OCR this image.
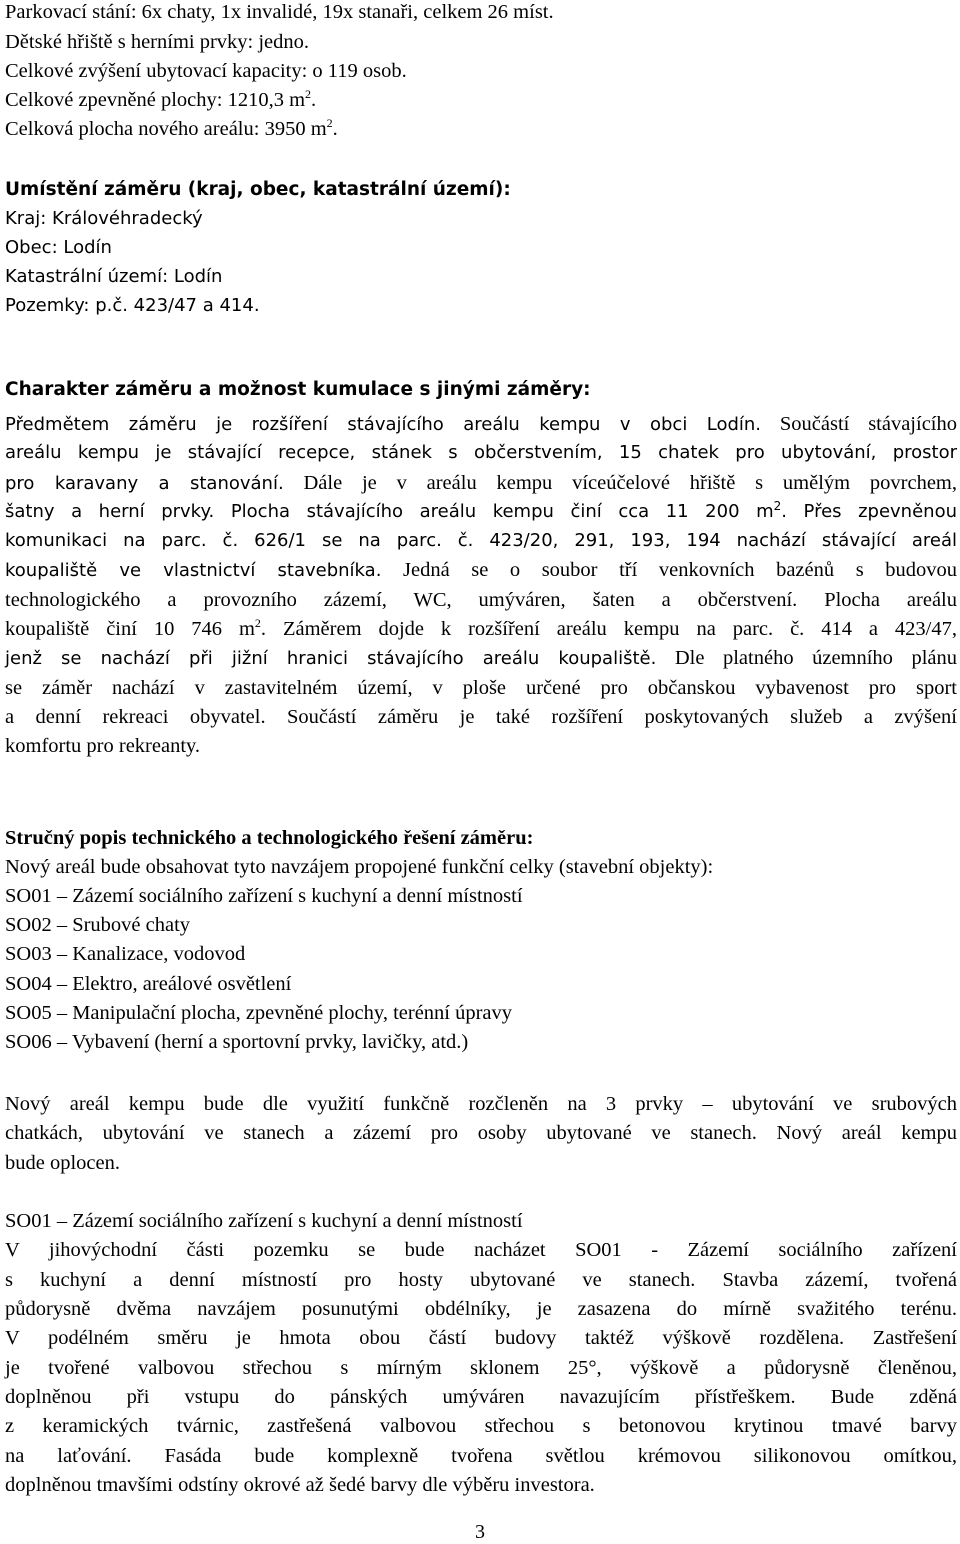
Parkovací stání: 6x chaty, 1x invalidé, 19x stanaři, celkem 26 míst.
Dětské hřiště s herními prvky: jedno.
Celkové zvýšení ubytovací kapacity: o 119 osob.
Celkové zpevněné plochy: 1210,3 $m^2$.
Celková plocha nového areálu: 3950 $m^2$.
Umístění záměru (kraj, obec, katastrální území):
Kraj: Královéhradecký
Obec: Lodín
Katastrální území: Lodín
Pozemky: p.č. 423/47 a 414.
Charakter záměru a možnost kumulace s jinými záměry:
Předmětem záměru je rozšíření stávajícího areálu kempu v obci Lodín. Součástí stávajícího
areálu kempu je stávající recepce, stánek s občerstvením, 15 chatek pro ubytování, prostor
pro karavany a stanování. Dále je v areálu kempu víceúčelové hřiště s umělým povrchem,
šatny a herní prvky. Plocha stávajícího areálu kempu činí cca 11 200 $m^2$. Přes zpevněnou
komunikaci na parc. č. 626/1 se na parc. č. 423/20, 291, 193, 194 nachází stávající areál
koupaliště ve vlastnictví stavebníka. Jedná se o soubor tří venkovních bazénů s budovou
technologického a provozního zázemí, WC, umýváren, šaten a občerstvení. Plocha areálu
koupaliště činí 10 746 $m^2$. Záměrem dojde k rozšíření areálu kempu na parc. č. 414 a 423/47,
jenž se nachází při jižní hranici stávajícího areálu koupaliště. Dle platného územního plánu
se záměr nachází v zastavitelném území, v ploše určené pro občanskou vybavenost pro sport
a denní rekreaci obyvatel. Součástí záměru je také rozšíření poskytovaných služeb a zvýšení
komfortu pro rekreanty.
Stručný popis technického a technologického řešení záměru:
Nový areál bude obsahovat tyto navzájem propojené funkční celky (stavební objekty):
SO01 – Zázemí sociálního zařízení s kuchyní a denní místností
SO02 – Srubové chaty
SO03 – Kanalizace, vodovod
SO04 – Elektro, areálové osvětlení
SO05 – Manipulační plocha, zpevněné plochy, terénní úpravy
SO06 – Vybavení (herní a sportovní prvky, lavičky, atd.)
Nový areál kempu bude dle využití funkčně rozčleněn na 3 prvky – ubytování ve srubových
chatkách, ubytování ve stanech a zázemí pro osoby ubytované ve stanech. Nový areál kempu
bude oplocen.
SO01 – Zázemí sociálního zařízení s kuchyní a denní místností
V jihovýchodní části pozemku se bude nacházet SO01 - Zázemí sociálního zařízení
s kuchyní a denní místností pro hosty ubytované ve stanech. Stavba zázemí, tvořená
půdorysně dvěma navzájem posunutými obdélníky, je zasazena do mírně svažitého terénu.
V podélném směru je hmota obou částí budovy taktéž výškově rozdělena. Zastřešení
je tvořené valbovou střechou s mírným sklonem 25°, výškově a půdorysně členěnou,
doplněnou při vstupu do pánských umýváren navazujícím přístřeškem. Bude zděná
z keramických tvárnic, zastřešená valbovou střechou s betonovou krytinou tmavé barvy
na laťování. Fasáda bude komplexně tvořena světlou krémovou silikonovou omítkou,
doplněnou tmavšími odstíny okrové až šedé barvy dle výběru investora.
3
